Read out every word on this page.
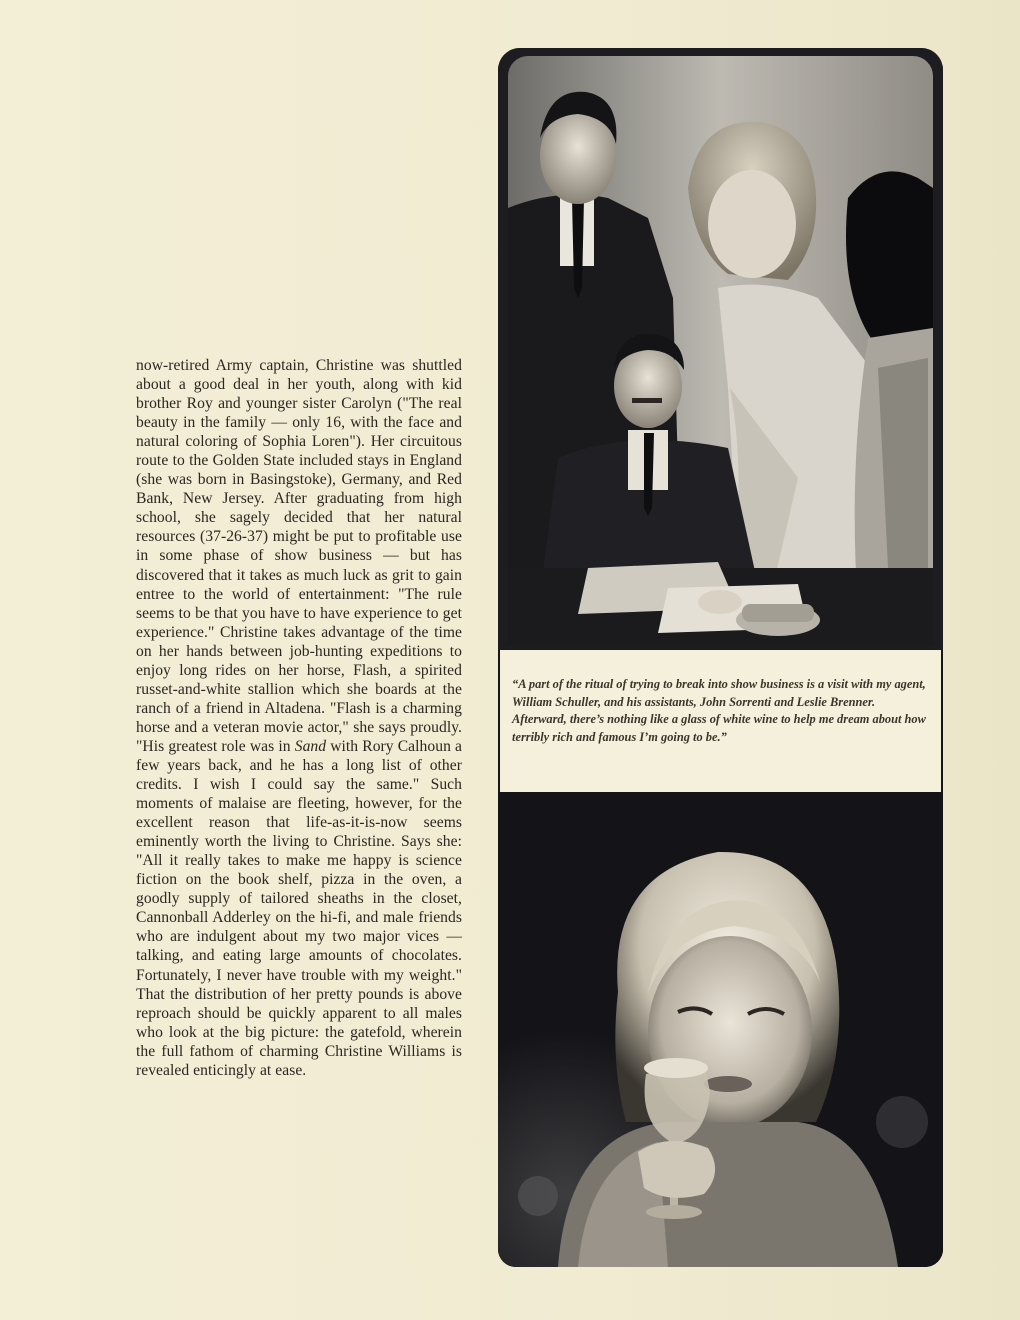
now-retired Army captain, Christine was shuttled about a good deal in her youth, along with kid brother Roy and younger sister Carolyn ("The real beauty in the family — only 16, with the face and natural coloring of Sophia Loren"). Her circuitous route to the Golden State included stays in England (she was born in Basingstoke), Germany, and Red Bank, New Jersey. After graduating from high school, she sagely decided that her natural resources (37-26-37) might be put to profitable use in some phase of show business — but has discovered that it takes as much luck as grit to gain entree to the world of entertainment: "The rule seems to be that you have to have experience to get experience." Christine takes advantage of the time on her hands between job-hunting expeditions to enjoy long rides on her horse, Flash, a spirited russet-and-white stallion which she boards at the ranch of a friend in Altadena. "Flash is a charming horse and a veteran movie actor," she says proudly. "His greatest role was in Sand with Rory Calhoun a few years back, and he has a long list of other credits. I wish I could say the same." Such moments of malaise are fleeting, however, for the excellent reason that life-as-it-is-now seems eminently worth the living to Christine. Says she: "All it really takes to make me happy is science fiction on the book shelf, pizza in the oven, a goodly supply of tailored sheaths in the closet, Cannonball Adderley on the hi-fi, and male friends who are indulgent about my two major vices — talking, and eating large amounts of chocolates. Fortunately, I never have trouble with my weight." That the distribution of her pretty pounds is above reproach should be quickly apparent to all males who look at the big picture: the gatefold, wherein the full fathom of charming Christine Williams is revealed enticingly at ease.

“A part of the ritual of trying to break into show business is a visit with my agent, William Schuller, and his assistants, John Sorrenti and Leslie Brenner. Afterward, there’s nothing like a glass of white wine to help me dream about how terribly rich and famous I’m going to be.”
